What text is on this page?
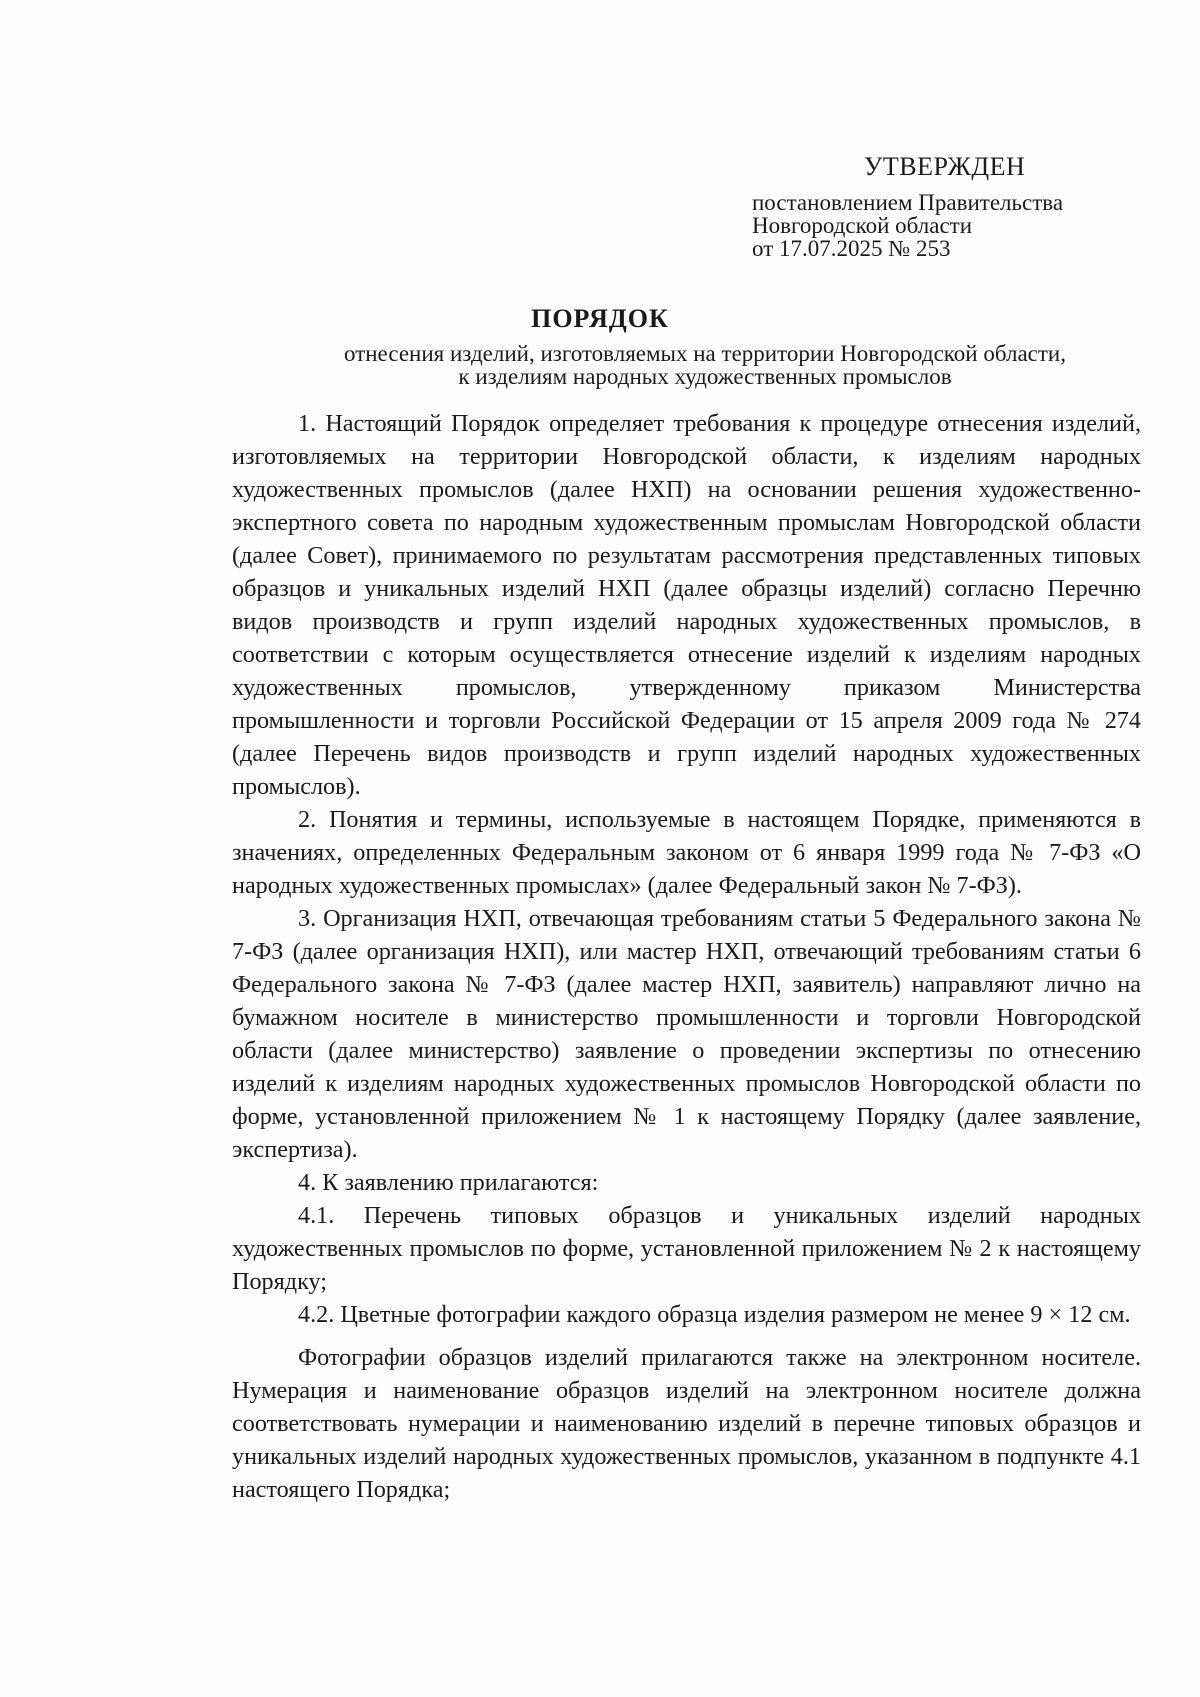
УТВЕРЖДЕН
постановлением Правительства
Новгородской области
от 17.07.2025 № 253
ПОРЯДОК
отнесения изделий, изготовляемых на территории Новгородской области,
к изделиям народных художественных промыслов

1. Настоящий Порядок определяет требования к процедуре отнесения изделий, изготовляемых на территории Новгородской области, к изделиям народных художественных промыслов (далее НХП) на основании решения художественно-экспертного совета по народным художественным промыслам Новгородской области (далее Совет), принимаемого по результатам рассмотрения представленных типовых образцов и уникальных изделий НХП (далее образцы изделий) согласно Перечню видов производств и групп изделий народных художественных промыслов, в соответствии с которым осуществляется отнесение изделий к изделиям народных художественных промыслов, утвержденному приказом Министерства промышленности и торговли Российской Федерации от 15 апреля 2009 года № 274 (далее Перечень видов производств и групп изделий народных художественных промыслов).

2. Понятия и термины, используемые в настоящем Порядке, применяются в значениях, определенных Федеральным законом от 6 января 1999 года № 7-ФЗ «О народных художественных промыслах» (далее Федеральный закон № 7-ФЗ).

3. Организация НХП, отвечающая требованиям статьи 5 Федерального закона № 7-ФЗ (далее организация НХП), или мастер НХП, отвечающий требованиям статьи 6 Федерального закона № 7-ФЗ (далее мастер НХП, заявитель) направляют лично на бумажном носителе в министерство промышленности и торговли Новгородской области (далее министерство) заявление о проведении экспертизы по отнесению изделий к изделиям народных художественных промыслов Новгородской области по форме, установленной приложением № 1 к настоящему Порядку (далее заявление, экспертиза).

4. К заявлению прилагаются:

4.1. Перечень типовых образцов и уникальных изделий народных художественных промыслов по форме, установленной приложением № 2 к настоящему Порядку;

4.2. Цветные фотографии каждого образца изделия размером не менее 9 × 12 см.

Фотографии образцов изделий прилагаются также на электронном носителе. Нумерация и наименование образцов изделий на электронном носителе должна соответствовать нумерации и наименованию изделий в перечне типовых образцов и уникальных изделий народных художественных промыслов, указанном в подпункте 4.1 настоящего Порядка;
